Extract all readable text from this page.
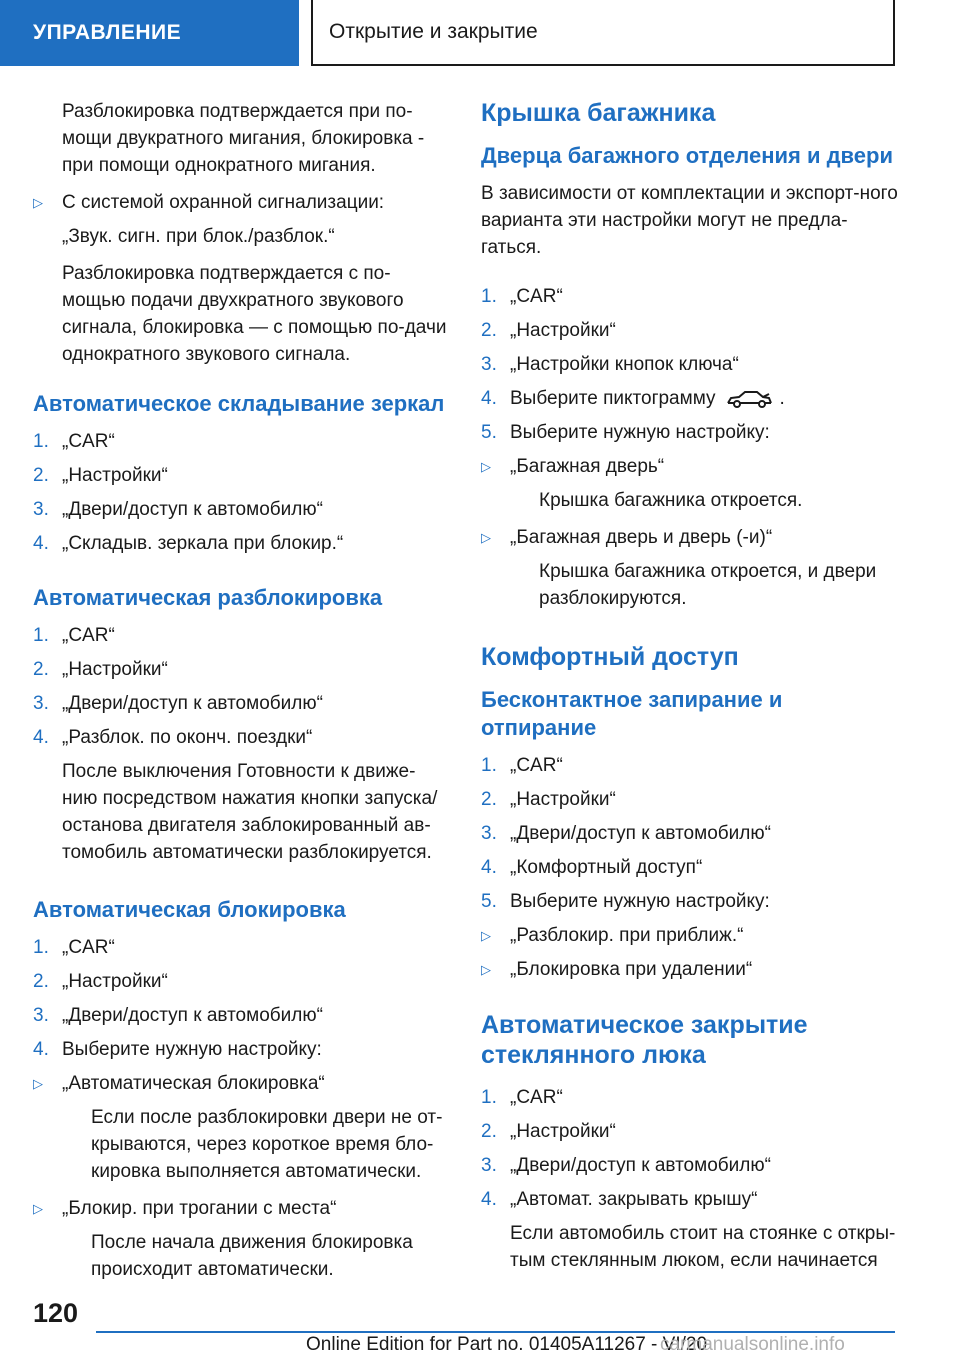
УПРАВЛЕНИЕ	Открытие и закрытие

Разблокировка подтверждается при по-мощи двукратного мигания, блокировка - при помощи однократного мигания.

▷	С системой охранной сигнализации:

„Звук. сигн. при блок./разблок.“

Разблокировка подтверждается с по-мощью подачи двухкратного звукового сигнала, блокировка — с помощью по-дачи однократного звукового сигнала.

Автоматическое складывание зеркал
1. „CAR“
2. „Настройки“
3. „Двери/доступ к автомобилю“
4. „Складыв. зеркала при блокир.“
Автоматическая разблокировка
1. „CAR“
2. „Настройки“
3. „Двери/доступ к автомобилю“
4. „Разблок. по оконч. поездки“

После выключения Готовности к движе-нию посредством нажатия кнопки запуска/останова двигателя заблокированный ав-томобиль автоматически разблокируется.

Автоматическая блокировка
1. „CAR“
2. „Настройки“
3. „Двери/доступ к автомобилю“
4. Выберите нужную настройку:
▷	„Автоматическая блокировка“

Если после разблокировки двери не от-крываются, через короткое время бло-кировка выполняется автоматически.

▷	„Блокир. при трогании с места“

После начала движения блокировка происходит автоматически.

Крышка багажника
Дверца багажного отделения и двери

В зависимости от комплектации и экспорт-ного варианта эти настройки могут не предла-гаться.

1. „CAR“
2. „Настройки“
3. „Настройки кнопок ключа“
4. Выберите пиктограмму	.
5. Выберите нужную настройку:
▷	„Багажная дверь“

Крышка багажника откроется.

▷	„Багажная дверь и дверь (-и)“

Крышка багажника откроется, и двери разблокируются.

Комфортный доступ
Бесконтактное запирание и отпирание
1. „CAR“
2. „Настройки“
3. „Двери/доступ к автомобилю“
4. „Комфортный доступ“
5. Выберите нужную настройку:
▷	„Разблокир. при приближ.“
▷	„Блокировка при удалении“
Автоматическое закрытие стеклянного люка
1. „CAR“
2. „Настройки“
3. „Двери/доступ к автомобилю“
4. „Автомат. закрывать крышу“

Если автомобиль стоит на стоянке с откры-тым стеклянным люком, если начинается

120
Online Edition for Part no. 01405A11267 - VI/20
carmanualsonline.info
